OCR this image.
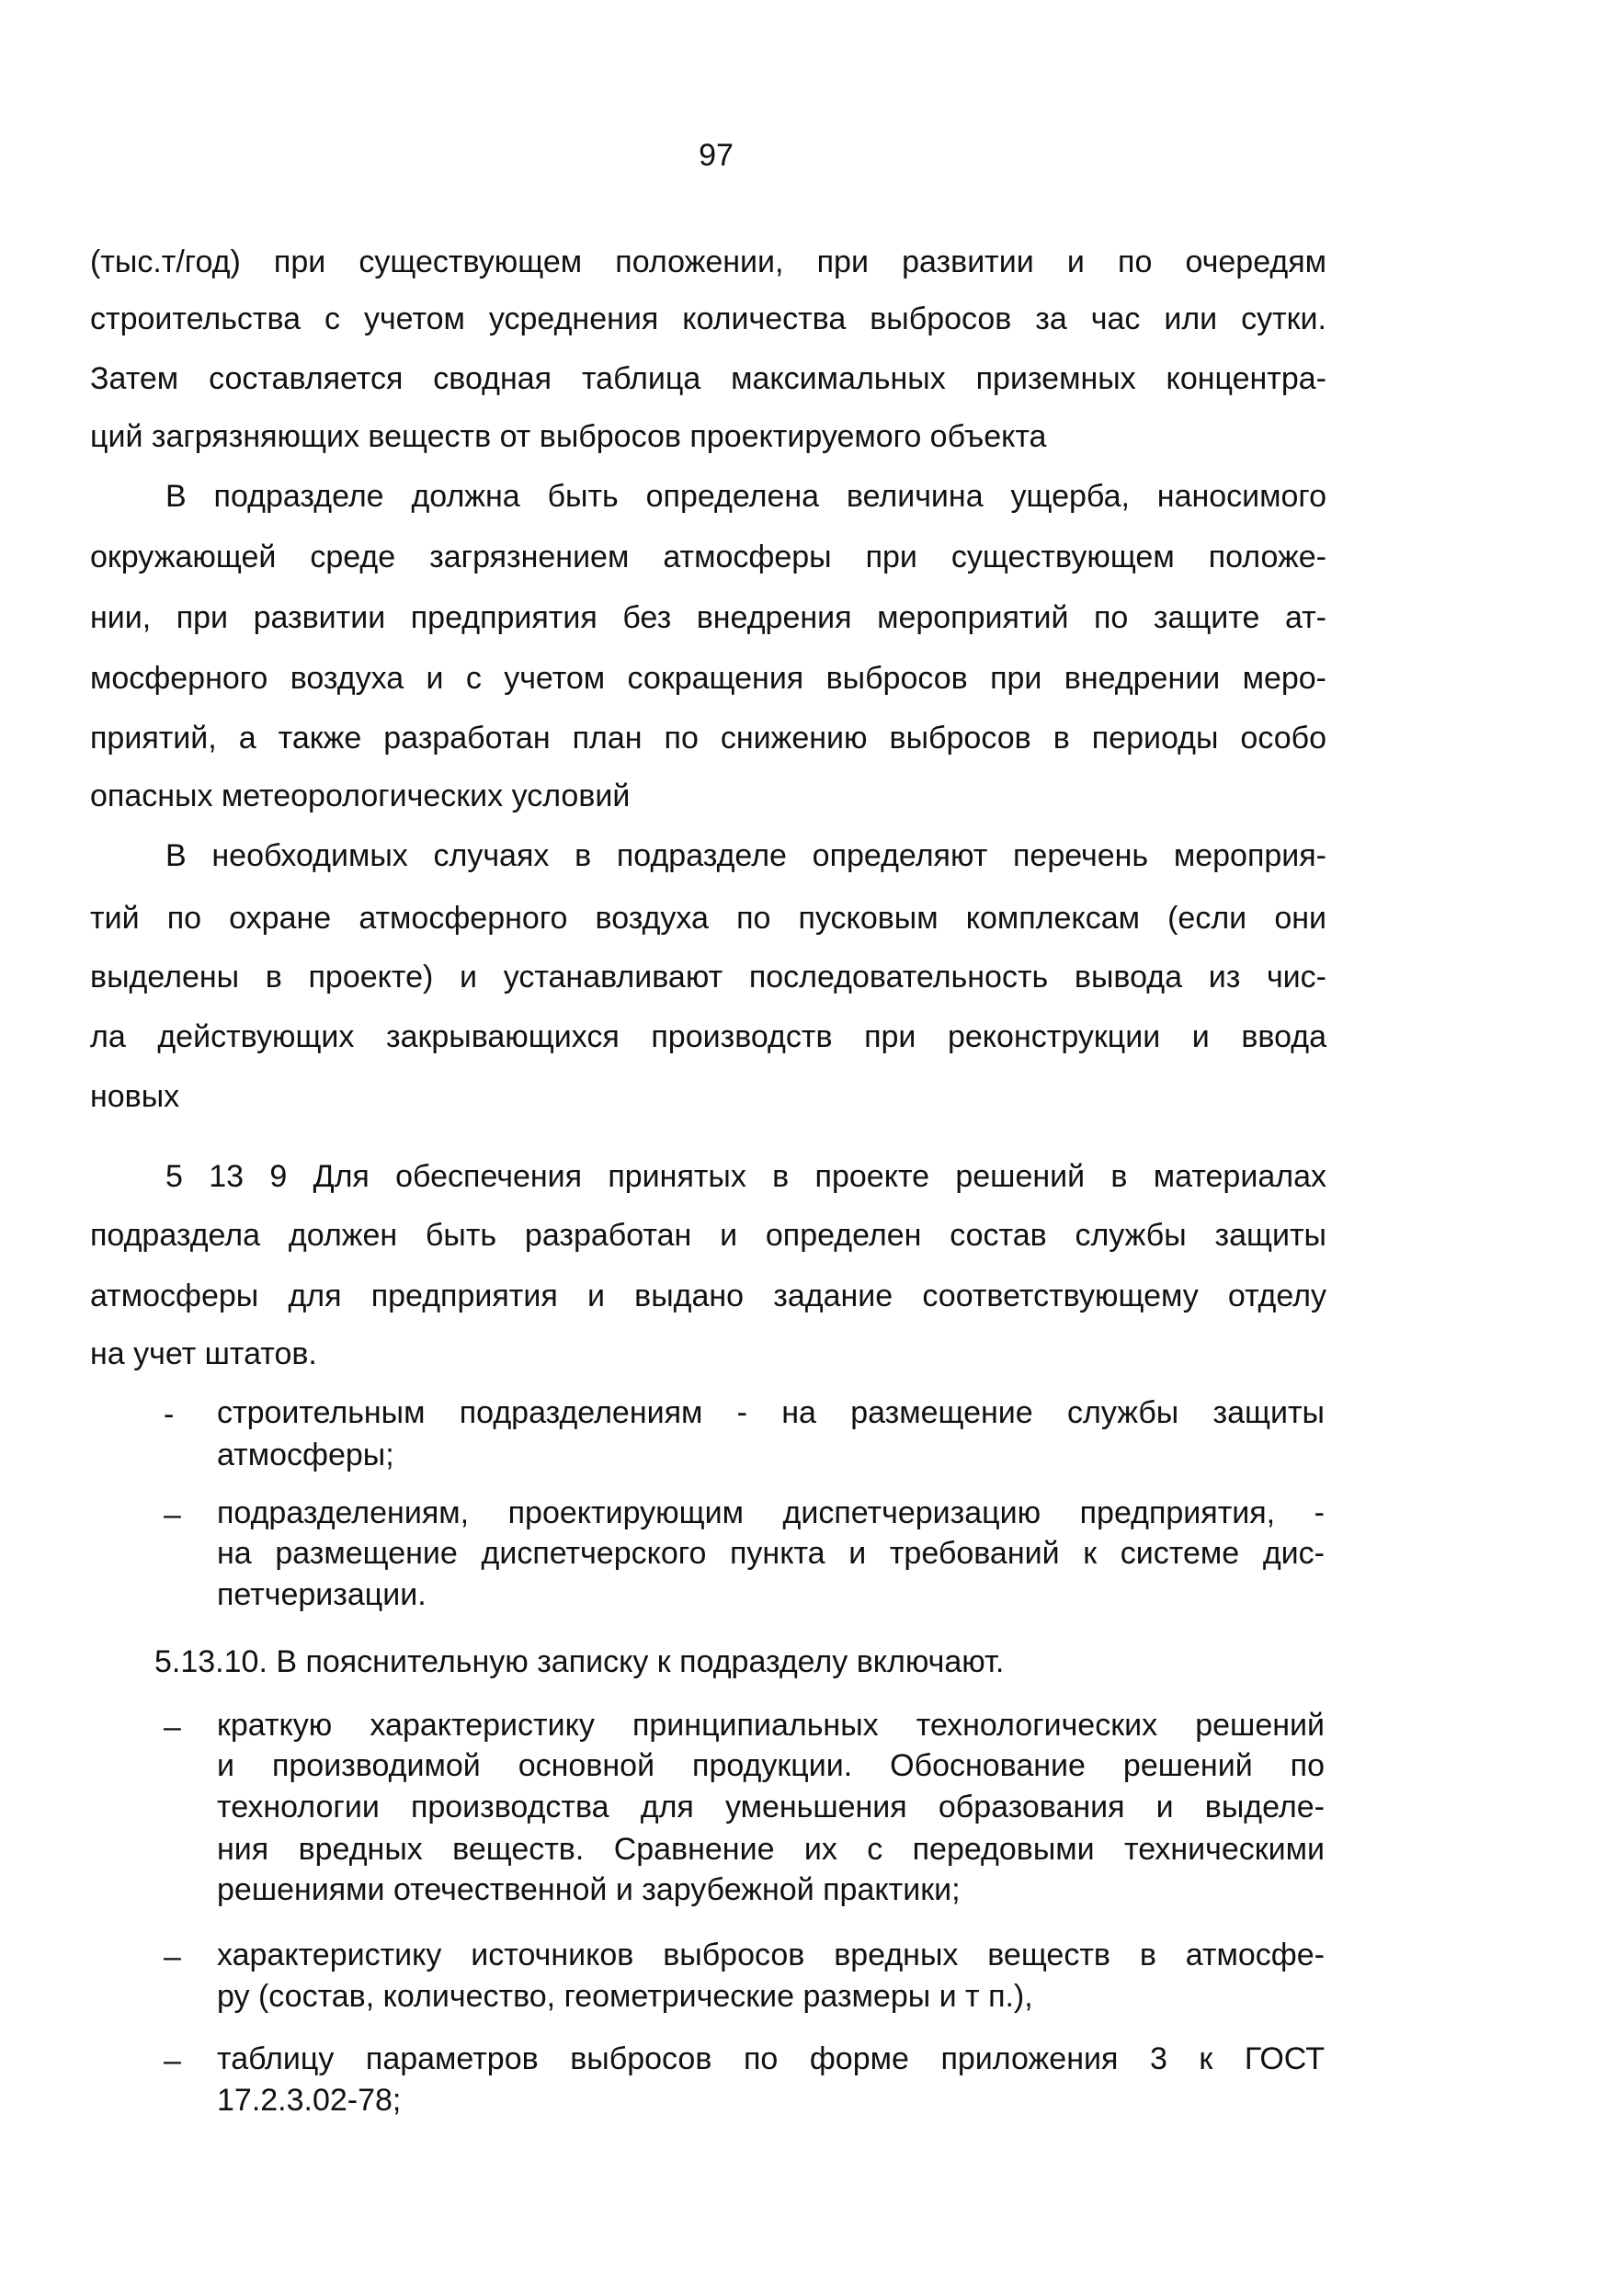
97
(тыс.т/год) при существующем положении, при развитии и по очередям
строительства с учетом усреднения количества выбросов за час или сутки.
Затем составляется сводная таблица максимальных приземных концентра-
ций загрязняющих веществ от выбросов проектируемого объекта
В подразделе должна быть определена величина ущерба, наносимого
окружающей среде загрязнением атмосферы при существующем положе-
нии, при развитии предприятия без внедрения мероприятий по защите ат-
мосферного воздуха и с учетом сокращения выбросов при внедрении меро-
приятий, а также разработан план по снижению выбросов в периоды особо
опасных метеорологических условий
В необходимых случаях в подразделе определяют перечень мероприя-
тий по охране атмосферного воздуха по пусковым комплексам (если они
выделены в проекте) и устанавливают последовательность вывода из чис-
ла действующих закрывающихся производств при реконструкции и ввода
новых
5 13 9 Для обеспечения принятых в проекте решений в материалах
подраздела должен быть разработан и определен состав службы защиты
атмосферы для предприятия и выдано задание соответствующему отделу
на учет штатов.
- строительным подразделениям - на размещение службы защиты
атмосферы;
– подразделениям, проектирующим диспетчеризацию предприятия, -
на размещение диспетчерского пункта и требований к системе дис-
петчеризации.
5.13.10. В пояснительную записку к подразделу включают.
– краткую характеристику принципиальных технологических решений
и производимой основной продукции. Обоснование решений по
технологии производства для уменьшения образования и выделе-
ния вредных веществ. Сравнение их с передовыми техническими
решениями отечественной и зарубежной практики;
– характеристику источников выбросов вредных веществ в атмосфе-
ру (состав, количество, геометрические размеры и т п.),
– таблицу параметров выбросов по форме приложения 3 к ГОСТ
17.2.3.02-78;
